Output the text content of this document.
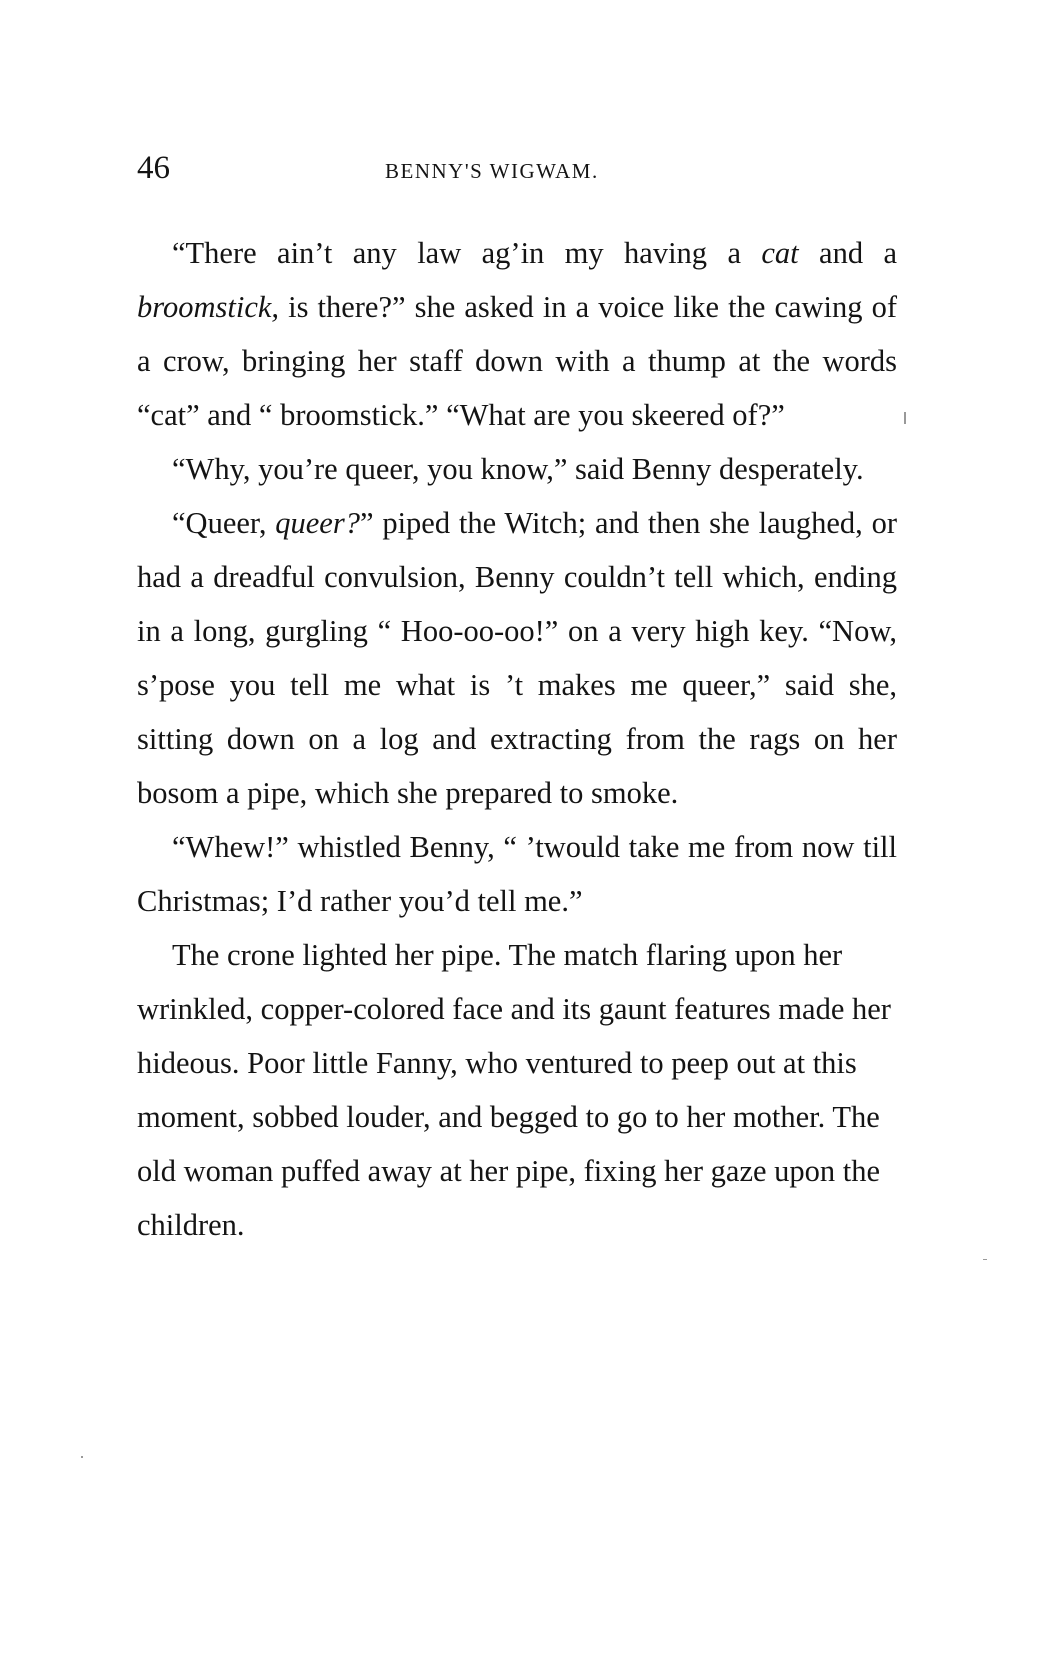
46	BENNY'S WIGWAM.

“There ain’t any law ag’in my having a cat and a broomstick, is there?” she asked in a voice like the cawing of a crow, bringing her staff down with a thump at the words “cat” and “ broomstick.” “What are you skeered of?”

“Why, you’re queer, you know,” said Benny desperately.

“Queer, queer?” piped the Witch; and then she laughed, or had a dreadful convulsion, Benny couldn’t tell which, ending in a long, gurgling “ Hoo-oo-oo!” on a very high key. “Now, s’pose you tell me what is ’t makes me queer,” said she, sitting down on a log and extracting from the rags on her bosom a pipe, which she prepared to smoke.

“Whew!” whistled Benny, “ ’twould take me from now till Christmas; I’d rather you’d tell me.”

The crone lighted her pipe. The match flaring upon her wrinkled, copper-colored face and its gaunt features made her hideous. Poor little Fanny, who ventured to peep out at this moment, sobbed louder, and begged to go to her mother. The old woman puffed away at her pipe, fixing her gaze upon the children.
